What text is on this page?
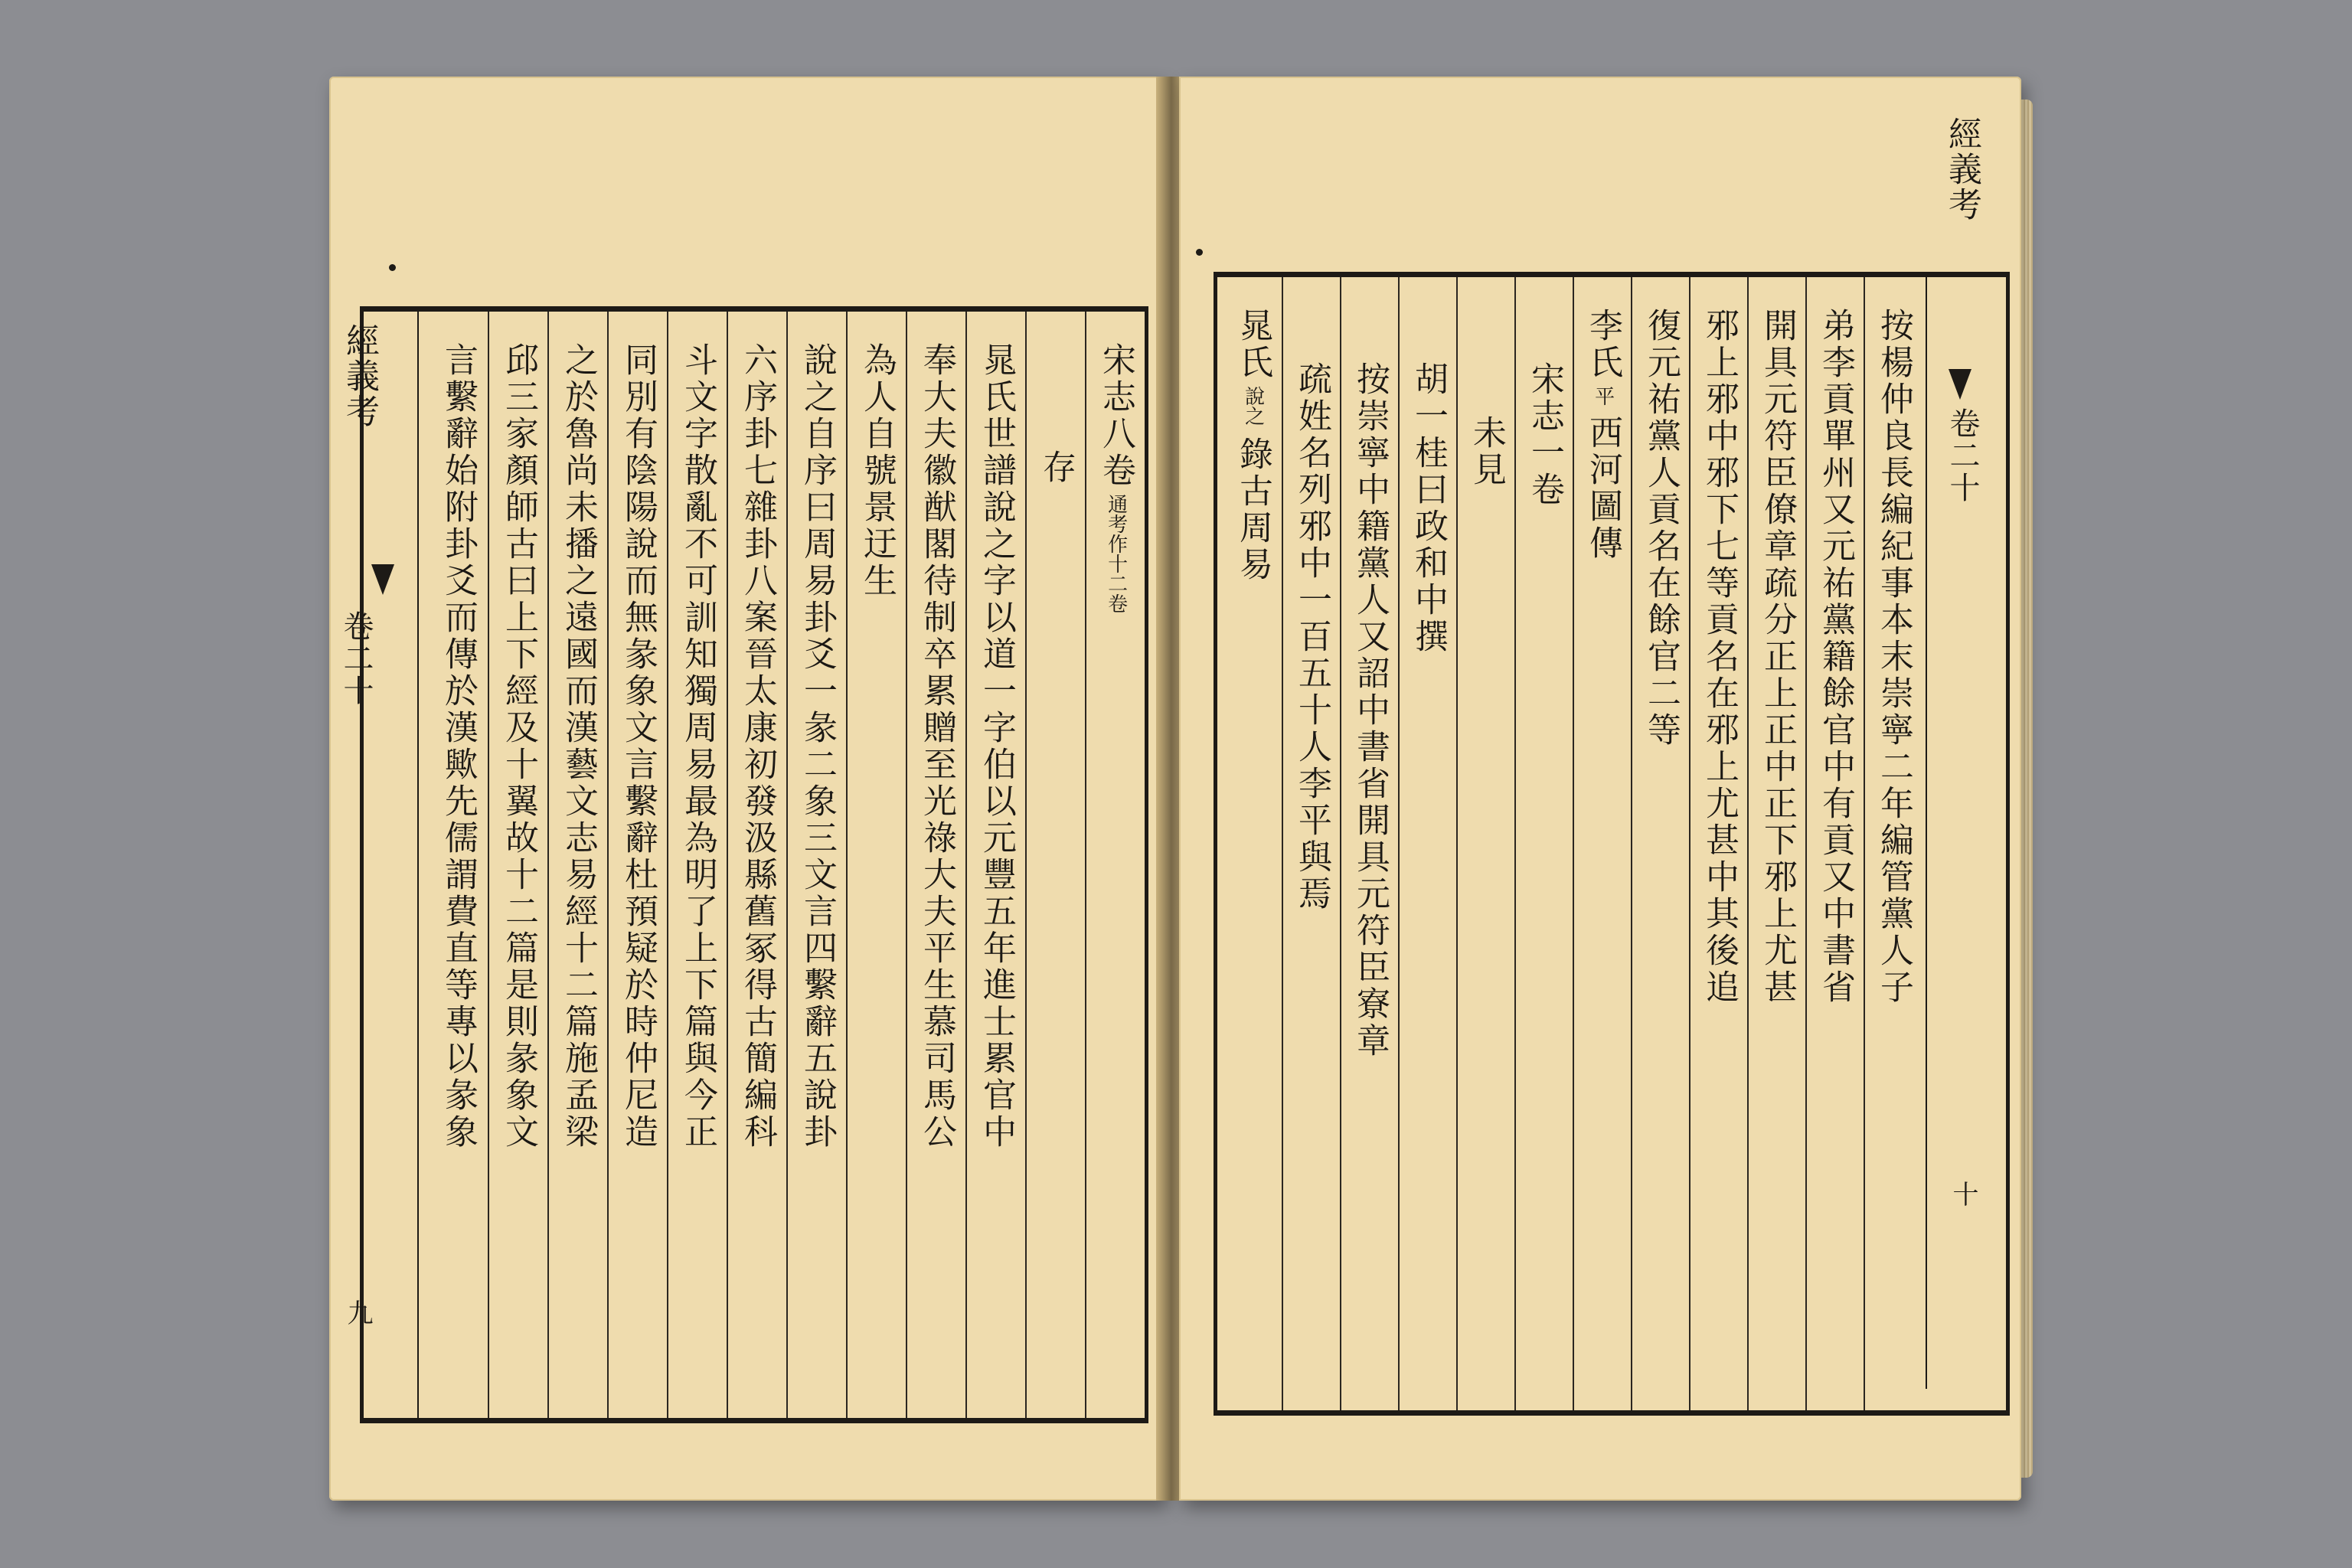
經義考
卷二十
九
宋志八卷
通考作十二卷
存
晁氏世譜說之字以道一字伯以元豐五年進士累官中
奉大夫徽猷閣待制卒累贈至光祿大夫平生慕司馬公
為人自號景迂生
說之自序曰周易卦爻一彖二象三文言四繫辭五說卦
六序卦七雜卦八案晉太康初發汲縣舊冢得古簡編科
斗文字散亂不可訓知獨周易最為明了上下篇與今正
同別有陰陽說而無彖象文言繫辭杜預疑於時仲尼造
之於魯尚未播之遠國而漢藝文志易經十二篇施孟梁
邱三家顏師古曰上下經及十翼故十二篇是則彖象文
言繫辭始附卦爻而傳於漢歟先儒謂費直等專以彖象
經義考
卷二十
十
按楊仲良長編紀事本末崇寧二年編管黨人子
弟李貢單州又元祐黨籍餘官中有貢又中書省
開具元符臣僚章疏分正上正中正下邪上尤甚
邪上邪中邪下七等貢名在邪上尤甚中其後追
復元祐黨人貢名在餘官二等
李氏
平
西河圖傳
宋志一卷
未見
胡一桂曰政和中撰
按崇寧中籍黨人又詔中書省開具元符臣寮章
疏姓名列邪中一百五十人李平與焉
晁氏
說之
錄古周易
